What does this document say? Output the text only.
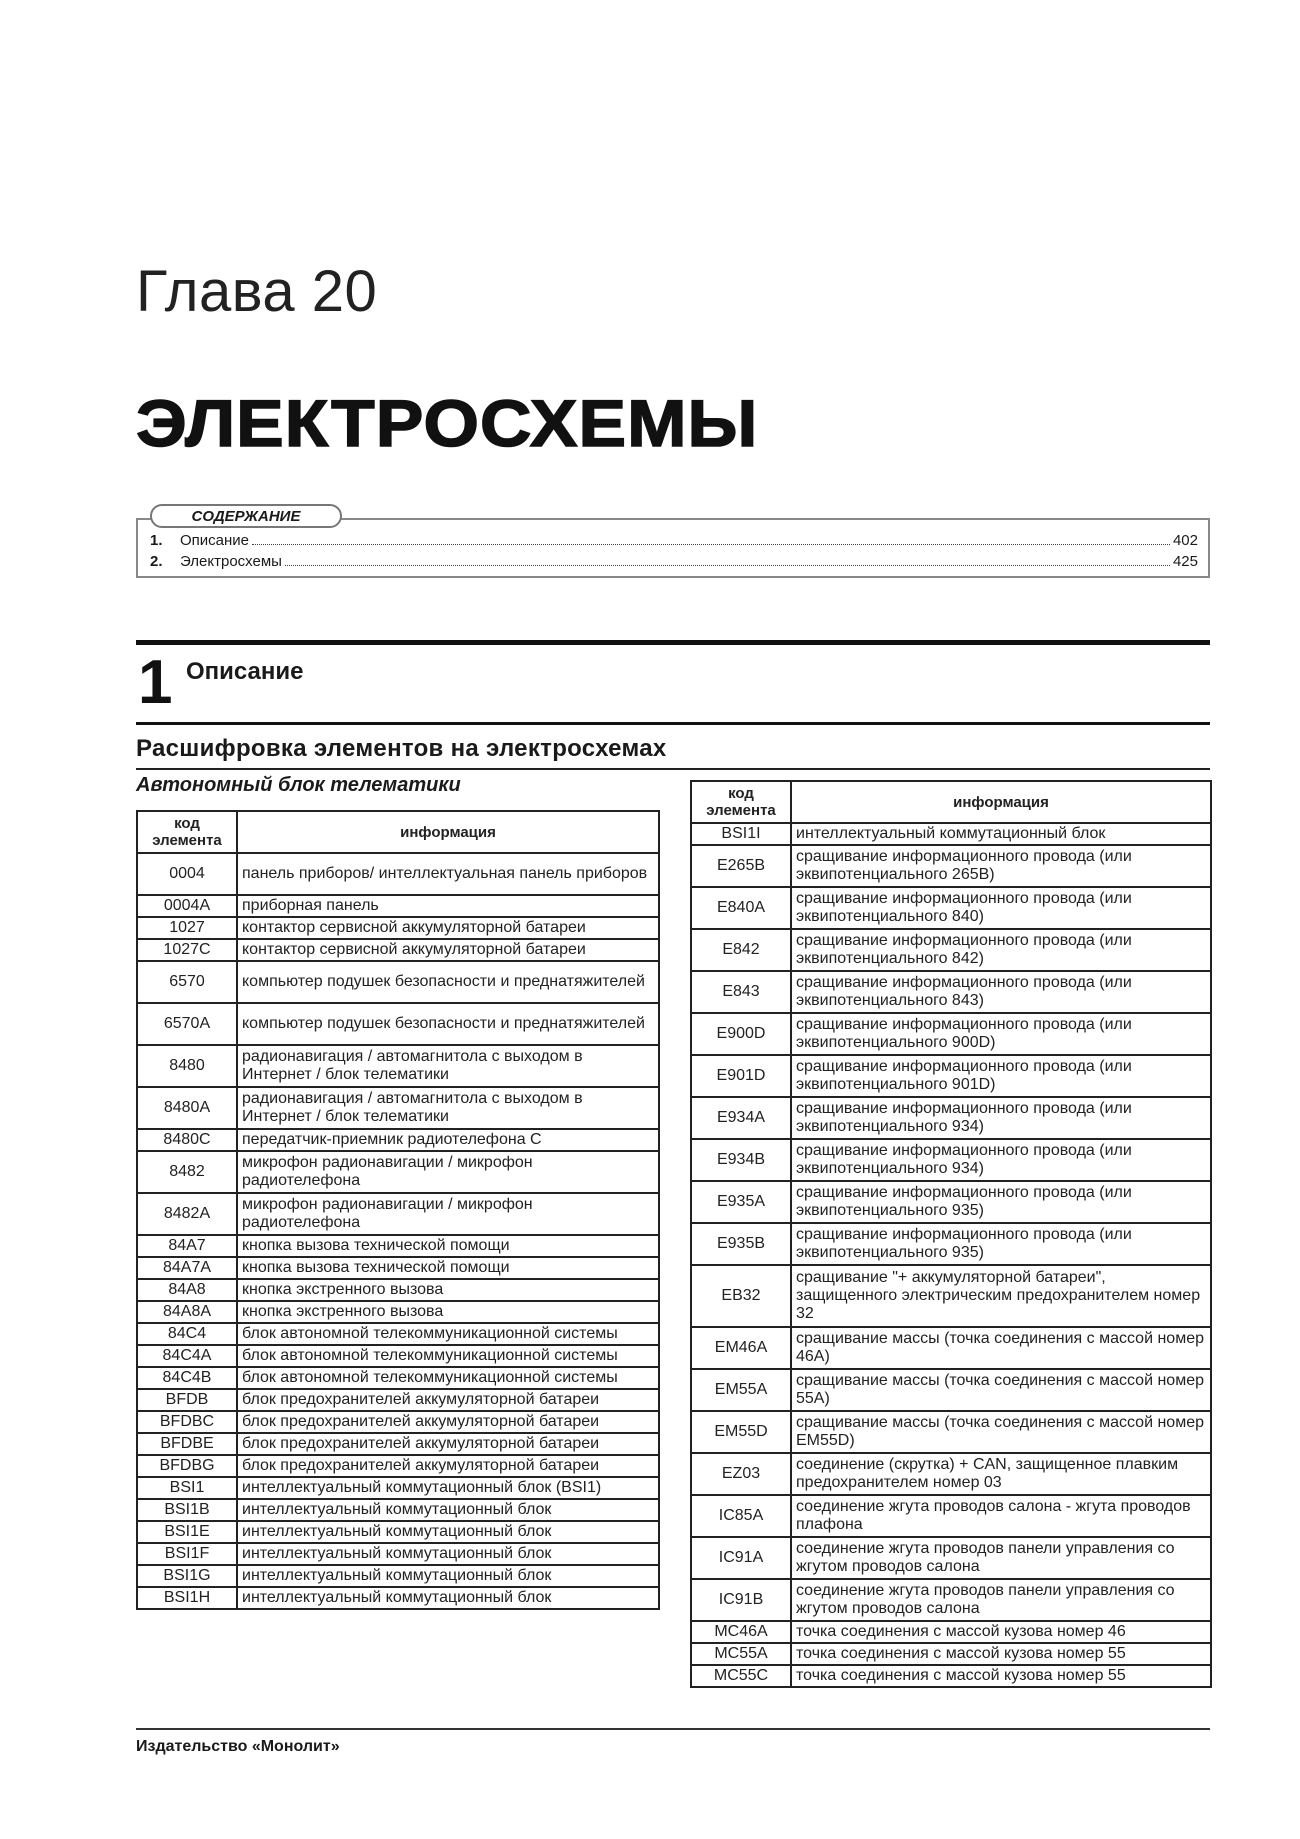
Глава 20
ЭЛЕКТРОСХЕМЫ
СОДЕРЖАНИЕ
1.	Описание	402
2.	Электросхемы	425
1 Описание
Расшифровка элементов на электросхемах
Автономный блок телематики
код элемента	информация
0004	панель приборов/ интеллектуальная панель приборов
0004A	приборная панель
1027	контактор сервисной аккумуляторной батареи
1027C	контактор сервисной аккумуляторной батареи
6570	компьютер подушек безопасности и преднатяжителей
6570A	компьютер подушек безопасности и преднатяжителей
8480	радионавигация / автомагнитола с выходом в Интернет / блок телематики
8480A	радионавигация / автомагнитола с выходом в Интернет / блок телематики
8480C	передатчик-приемник радиотелефона C
8482	микрофон радионавигации / микрофон радиотелефона
8482A	микрофон радионавигации / микрофон радиотелефона
84A7	кнопка вызова технической помощи
84A7A	кнопка вызова технической помощи
84A8	кнопка экстренного вызова
84A8A	кнопка экстренного вызова
84C4	блок автономной телекоммуникационной системы
84C4A	блок автономной телекоммуникационной системы
84C4B	блок автономной телекоммуникационной системы
BFDB	блок предохранителей аккумуляторной батареи
BFDBC	блок предохранителей аккумуляторной батареи
BFDBE	блок предохранителей аккумуляторной батареи
BFDBG	блок предохранителей аккумуляторной батареи
BSI1	интеллектуальный коммутационный блок (BSI1)
BSI1B	интеллектуальный коммутационный блок
BSI1E	интеллектуальный коммутационный блок
BSI1F	интеллектуальный коммутационный блок
BSI1G	интеллектуальный коммутационный блок
BSI1H	интеллектуальный коммутационный блок
код элемента	информация
BSI1I	интеллектуальный коммутационный блок
E265B	сращивание информационного провода (или эквипотенциального 265B)
E840A	сращивание информационного провода (или эквипотенциального 840)
E842	сращивание информационного провода (или эквипотенциального 842)
E843	сращивание информационного провода (или эквипотенциального 843)
E900D	сращивание информационного провода (или эквипотенциального 900D)
E901D	сращивание информационного провода (или эквипотенциального 901D)
E934A	сращивание информационного провода (или эквипотенциального 934)
E934B	сращивание информационного провода (или эквипотенциального 934)
E935A	сращивание информационного провода (или эквипотенциального 935)
E935B	сращивание информационного провода (или эквипотенциального 935)
EB32	сращивание "+ аккумуляторной батареи", защищенного электрическим предохранителем номер 32
EM46A	сращивание массы (точка соединения с массой номер 46A)
EM55A	сращивание массы (точка соединения с массой номер 55A)
EM55D	сращивание массы (точка соединения с массой номер EM55D)
EZ03	соединение (скрутка) + CAN, защищенное плавким предохранителем номер 03
IC85A	соединение жгута проводов салона - жгута проводов плафона
IC91A	соединение жгута проводов панели управления со жгутом проводов салона
IC91B	соединение жгута проводов панели управления со жгутом проводов салона
MC46A	точка соединения с массой кузова номер 46
MC55A	точка соединения с массой кузова номер 55
MC55C	точка соединения с массой кузова номер 55
Издательство «Монолит»
